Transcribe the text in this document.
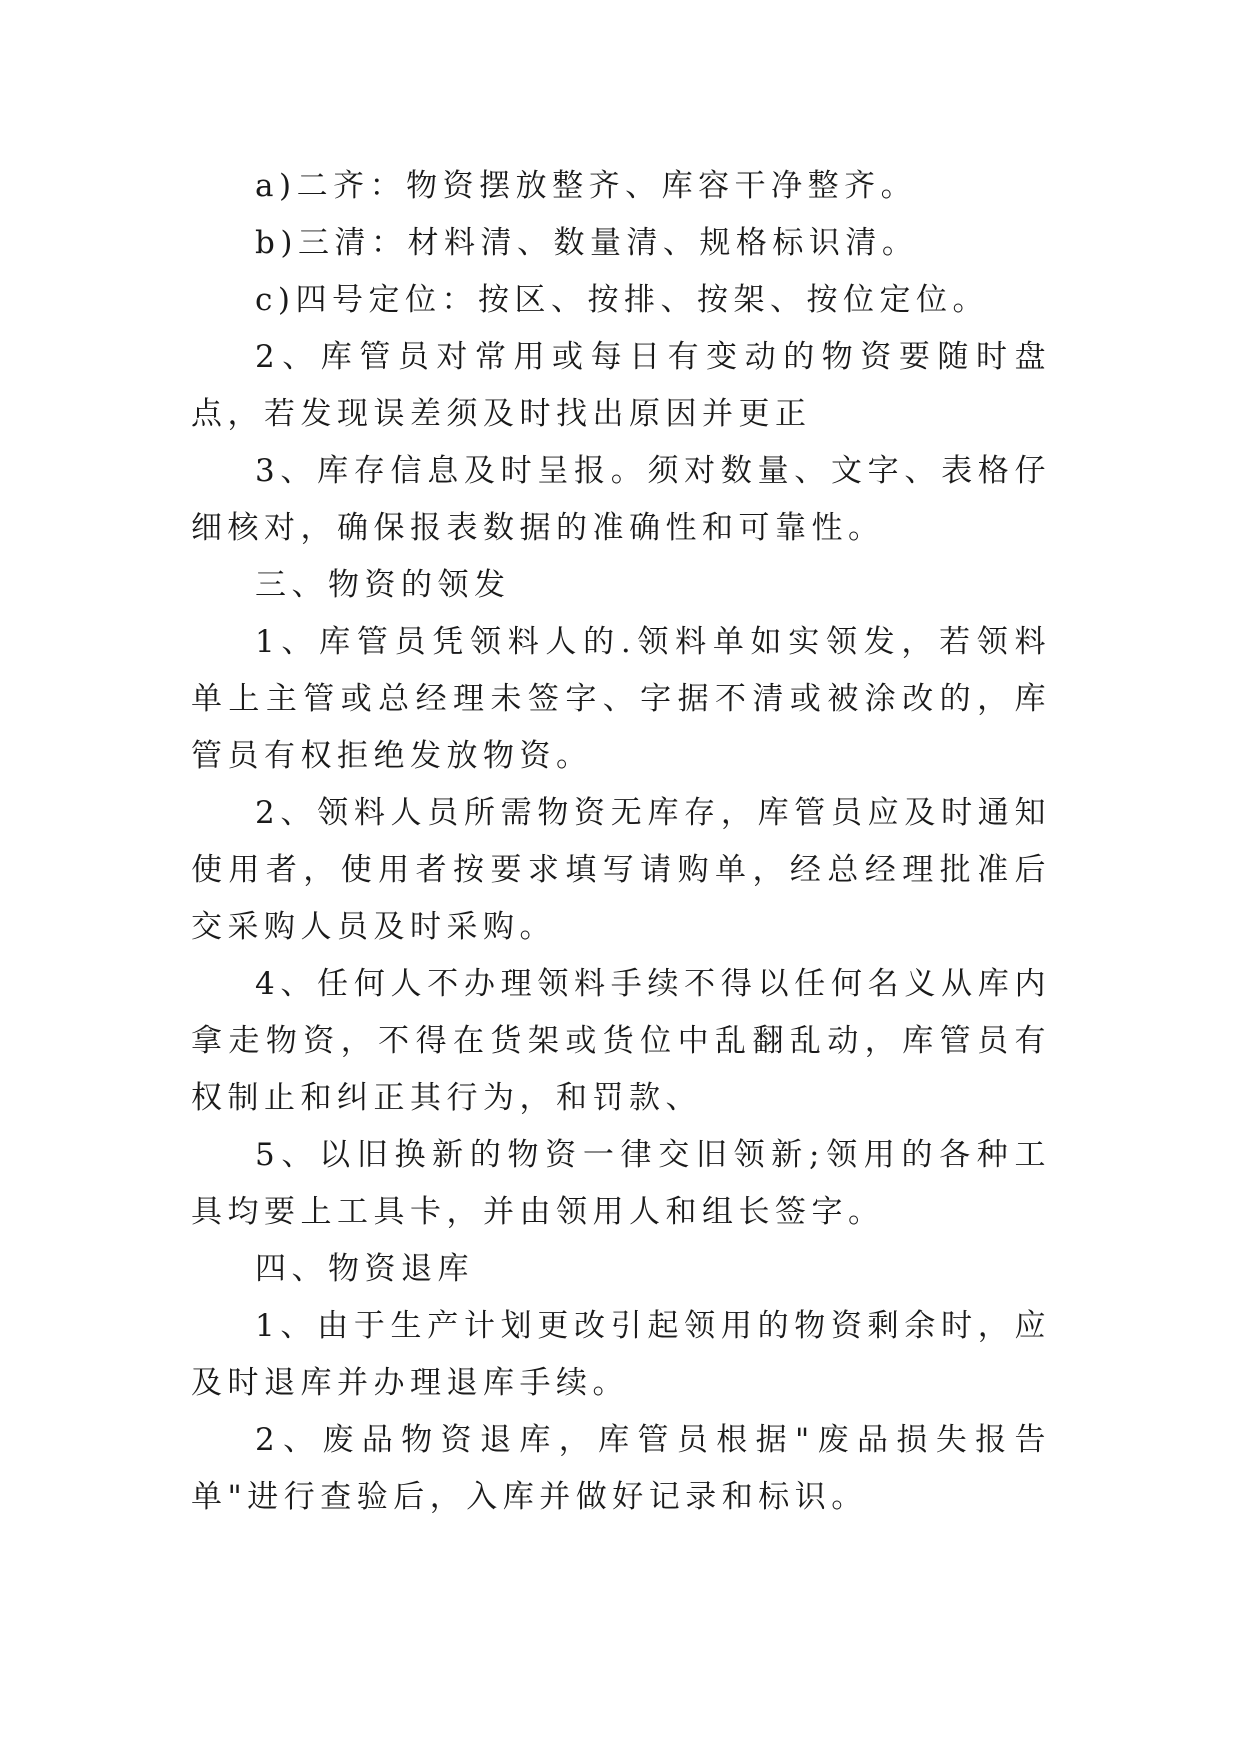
a)二齐：物资摆放整齐、库容干净整齐。

b)三清：材料清、数量清、规格标识清。

c)四号定位：按区、按排、按架、按位定位。

2、库管员对常用或每日有变动的物资要随时盘点，若发现误差须及时找出原因并更正

3、库存信息及时呈报。须对数量、文字、表格仔细核对，确保报表数据的准确性和可靠性。

三、物资的领发

1、库管员凭领料人的.领料单如实领发，若领料单上主管或总经理未签字、字据不清或被涂改的，库管员有权拒绝发放物资。

2、领料人员所需物资无库存，库管员应及时通知使用者，使用者按要求填写请购单，经总经理批准后交采购人员及时采购。

4、任何人不办理领料手续不得以任何名义从库内拿走物资，不得在货架或货位中乱翻乱动，库管员有权制止和纠正其行为，和罚款、

5、以旧换新的物资一律交旧领新;领用的各种工具均要上工具卡，并由领用人和组长签字。

四、物资退库

1、由于生产计划更改引起领用的物资剩余时，应及时退库并办理退库手续。

2、废品物资退库，库管员根据"废品损失报告单"进行查验后，入库并做好记录和标识。
